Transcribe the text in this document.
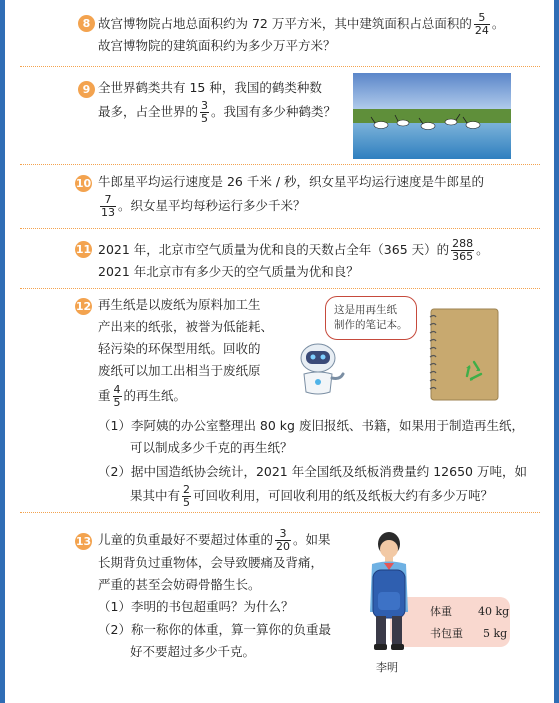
8 故宫博物院占地总面积约为 72 万平方米，其中建筑面积占总面积的 $\frac{5}{24}$ 。
故宫博物院的建筑面积约为多少万平方米？
9 全世界鹤类共有 15 种，我国的鹤类种数
最多，占全世界的 $\frac{3}{5}$ 。我国有多少种鹤类？
10 牛郎星平均运行速度是 26 千米 / 秒，织女星平均运行速度是牛郎星的
$\frac{7}{13}$ 。织女星平均每秒运行多少千米？
11 2021 年，北京市空气质量为优和良的天数占全年（365 天）的 $\frac{288}{365}$ 。
2021 年北京市有多少天的空气质量为优和良？
12 再生纸是以废纸为原料加工生
产出来的纸张，被誉为低能耗、
轻污染的环保型用纸。回收的
废纸可以加工出相当于废纸原
重 $\frac{4}{5}$ 的再生纸。
这是用再生纸
制作的笔记本。
（1）李阿姨的办公室整理出 80 kg 废旧报纸、书籍，如果用于制造再生纸，
可以制成多少千克的再生纸？
（2）据中国造纸协会统计，2021 年全国纸及纸板消费量约 12650 万吨，如
果其中有 $\frac{2}{5}$ 可回收利用，可回收利用的纸及纸板大约有多少万吨？
13 儿童的负重最好不要超过体重的 $\frac{3}{20}$ 。如果
长期背负过重物体，会导致腰痛及背痛，
严重的甚至会妨碍骨骼生长。
（1）李明的书包超重吗？为什么？
（2）称一称你的体重，算一算你的负重最
好不要超过多少千克。
体重 40 kg
书包重 5 kg
李明
